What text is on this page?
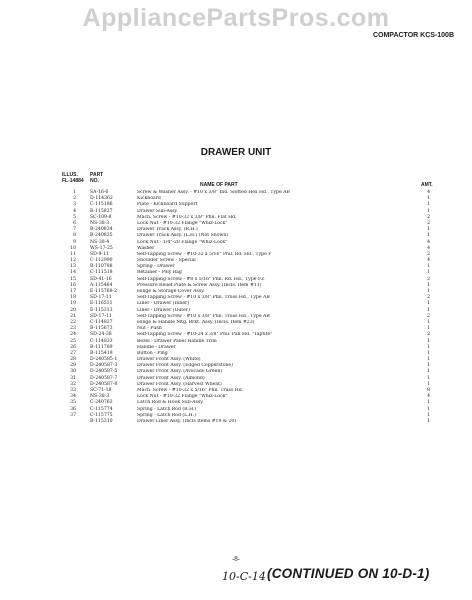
AppliancePartsPros.com
COMPACTOR KCS-100B
DRAWER UNIT
ILLUS.
FL-14884
PART
NO.
NAME OF PART	AMT.
1	SA-16-6	Screw & Washer Assy. - #10 x 3/8" Ind. Slotted Hex Hd., Type AB	4
2	D-114362	Kickboard	1
3	C-115186	Plate - Kickboard Support	1
4	B-115827	Drawer Sub-Assy.	1
5	SC-109-8	Mach. Screw - #10-32 x 3/8" Phil. Flat Hd.	2
6	NS-38-3	Lock Nut - #10-32 Flange "Whiz-Lock"	2
7	B-240834	Drawer Track Assy. (R.H.)	1
8	B-240835	Drawer Track Assy. (L.H.) (Not Shown)	1
9	NS-38-4	Lock Nut - 1/4"-20 Flange "Whiz-Lock"	4
10	WS-17-25	Washer	4
11	SD-9-11	Self-Tapping Screw - #10-32 x 5/16" Phil. Rd. Hd., Type F	2
12	C-112990	Shoulder Screw - Special	4
13	B-110788	Spring - Drawer	1
14	C-111518	Retainer - Poly Bag	1
15	SD-41-16	Self-Tapping Screw - #8 x 5/16" Phil. Rd. Hd., Type FZ	2
16	A-115464	Pressure Relief Plate & Screw Assy. (Incls. Item #11)	1
17	E-115768-2	Hinge & Storage Cover Assy.	1
18	SD-17-11	Self-Tapping Screw - #10 x 3/8" Phil. Truss Hd., Type AB	2
19	E-116511	Liner - Drawer (Inner)	1
20	E-115313	Liner - Drawer (Outer)	1
21	SD-17-11	Self-Tapping Screw - #10 x 3/8" Phil. Truss Hd., Type AB	2
22	C-114827	Hinge & Handle Mtg. Brkt. Assy. (Incls. Item #23)	1
23	B-115673	Nut - Push	1
24	SD-24-38	Self-Tapping Screw - #10-24 x 3/8" Phil. Pan Hd. "Taptite"	2
25	C-114833	Bezel - Drawer Panel Handle Trim	1
26	B-111789	Handle - Drawer	1
27	B-115419	Button - Ping	1
28	D-240585-1	Drawer Front Assy. (White)	1
29	D-240587-3	Drawer Front Assy. (Edged Copperstone)	1
30	D-240587-5	Drawer Front Assy. (Avocado Green)	1
31	D-240587-7	Drawer Front Assy. (Almond)	1
32	D-240587-8	Drawer Front Assy. (Harvest Wheat)	1
33	SC-71-18	Mach. Screw - #10-32 x 5/16" Phil. Truss Hd.	8
34	NS-38-3	Lock Nut - #10-32 Flange "Whiz-Lock"	4
35	C-240763	Latch Rod & Hook Sub-Assy.	1
36	C-115774	Spring - Latch Rod (R.H.)	1
37	C-115775	Spring - Latch Rod (L.H.)	1
B-115310	Drawer Liner Assy. (Incls Items #19 & 20)	1
-8-
10-C-14 (CONTINUED ON 10-D-1)
